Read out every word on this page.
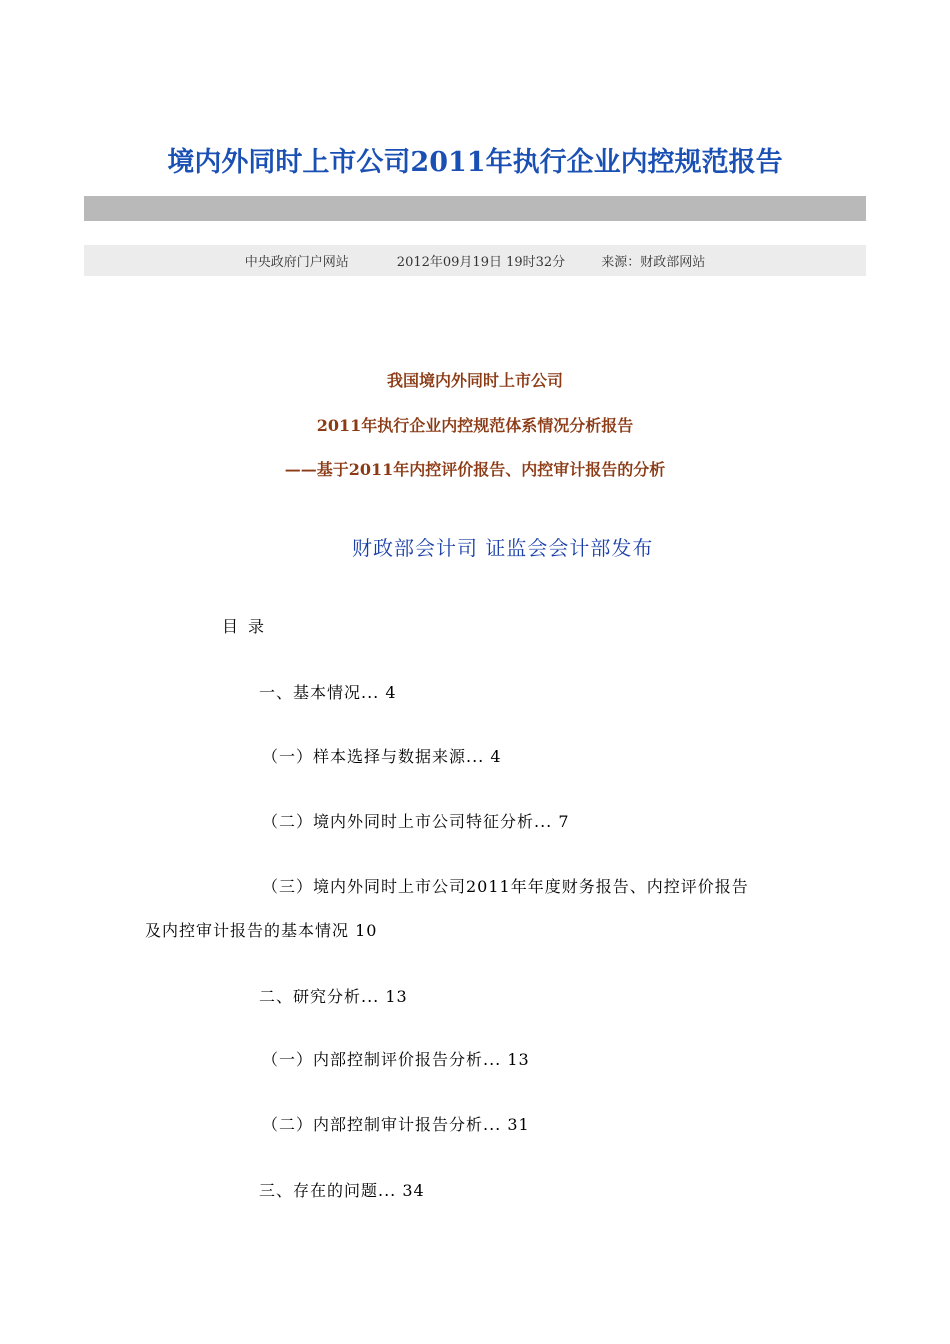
境内外同时上市公司2011年执行企业内控规范报告
中央政府门户网站	2012年09月19日 19时32分	来源：财政部网站
我国境内外同时上市公司
2011年执行企业内控规范体系情况分析报告
——基于2011年内控评价报告、内控审计报告的分析
财政部会计司 证监会会计部发布
目录
一、基本情况... 4
（一）样本选择与数据来源... 4
（二）境内外同时上市公司特征分析... 7
（三）境内外同时上市公司2011年年度财务报告、内控评价报告
及内控审计报告的基本情况 10
二、研究分析... 13
（一）内部控制评价报告分析... 13
（二）内部控制审计报告分析... 31
三、存在的问题... 34
